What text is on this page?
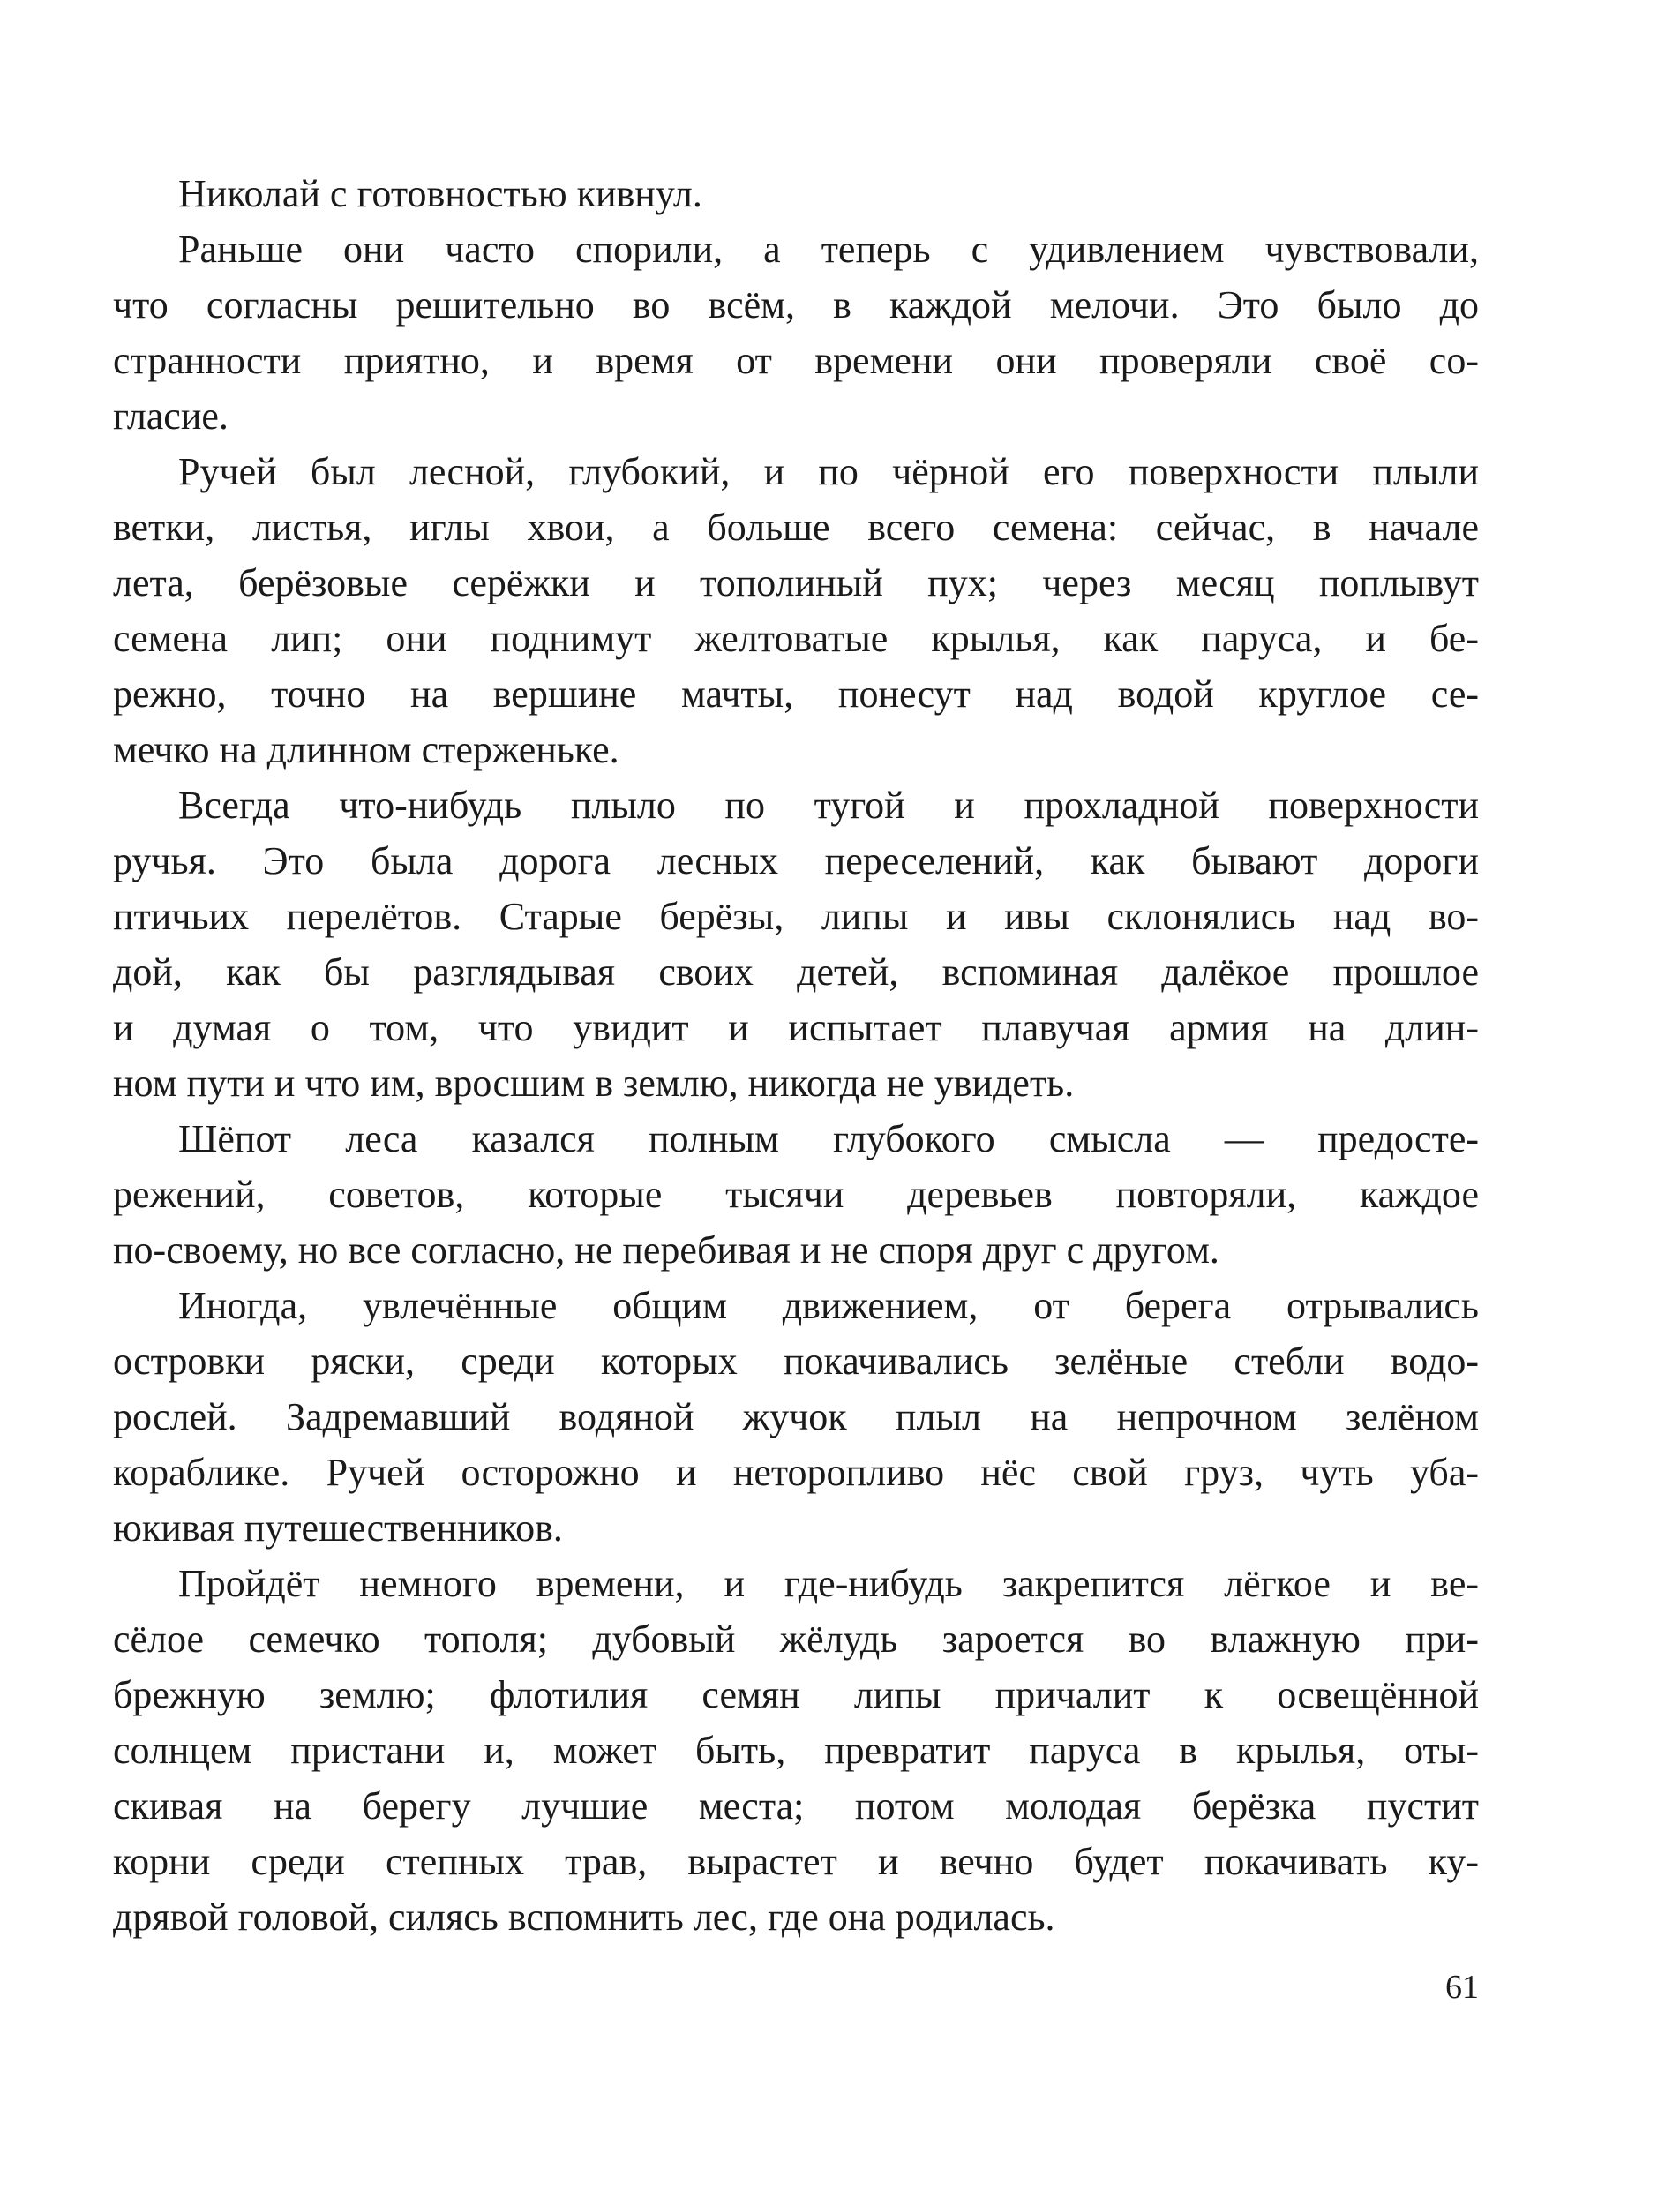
Николай с готовностью кивнул.
Раньше они часто спорили, а теперь с удивлением чувствовали,
что согласны решительно во всём, в каждой мелочи. Это было до
странности приятно, и время от времени они проверяли своё со-
гласие.
Ручей был лесной, глубокий, и по чёрной его поверхности плыли
ветки, листья, иглы хвои, а больше всего семена: сейчас, в начале
лета, берёзовые серёжки и тополиный пух; через месяц поплывут
семена лип; они поднимут желтоватые крылья, как паруса, и бе-
режно, точно на вершине мачты, понесут над водой круглое се-
мечко на длинном стерженьке.
Всегда что-нибудь плыло по тугой и прохладной поверхности
ручья. Это была дорога лесных переселений, как бывают дороги
птичьих перелётов. Старые берёзы, липы и ивы склонялись над во-
дой, как бы разглядывая своих детей, вспоминая далёкое прошлое
и думая о том, что увидит и испытает плавучая армия на длин-
ном пути и что им, вросшим в землю, никогда не увидеть.
Шёпот леса казался полным глубокого смысла — предосте-
режений, советов, которые тысячи деревьев повторяли, каждое
по-своему, но все согласно, не перебивая и не споря друг с другом.
Иногда, увлечённые общим движением, от берега отрывались
островки ряски, среди которых покачивались зелёные стебли водо-
рослей. Задремавший водяной жучок плыл на непрочном зелёном
кораблике. Ручей осторожно и неторопливо нёс свой груз, чуть уба-
юкивая путешественников.
Пройдёт немного времени, и где-нибудь закрепится лёгкое и ве-
сёлое семечко тополя; дубовый жёлудь зароется во влажную при-
брежную землю; флотилия семян липы причалит к освещённой
солнцем пристани и, может быть, превратит паруса в крылья, оты-
скивая на берегу лучшие места; потом молодая берёзка пустит
корни среди степных трав, вырастет и вечно будет покачивать ку-
дрявой головой, силясь вспомнить лес, где она родилась.
61
